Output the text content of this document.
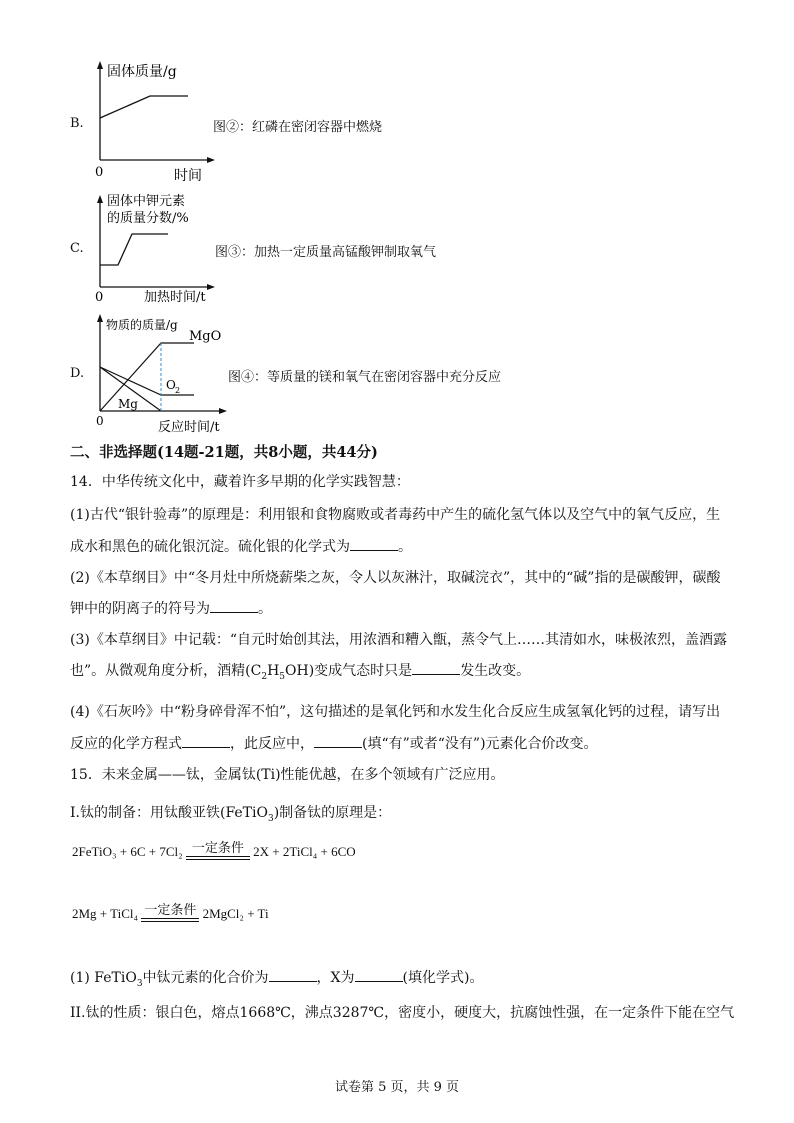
B.
固体质量/g
0	时间
图②：红磷在密闭容器中燃烧
C.
固体中钾元素
的质量分数/%
0	加热时间/t
图③：加热一定质量高锰酸钾制取氧气
D.
物质的质量/g
MgO
O 2
Mg
0	反应时间/t
图④：等质量的镁和氧气在密闭容器中充分反应
二、非选择题(14题-21题，共8小题，共44分)
14．中华传统文化中，藏着许多早期的化学实践智慧：
(1)古代“银针验毒”的原理是：利用银和食物腐败或者毒药中产生的硫化氢气体以及空气中的氧气反应，生
成水和黑色的硫化银沉淀。硫化银的化学式为	。
(2)《本草纲目》中“冬月灶中所烧薪柴之灰，令人以灰淋汁，取碱浣衣”，其中的“碱”指的是碳酸钾，碳酸
钾中的阴离子的符号为	。
(3)《本草纲目》中记载：“自元时始创其法，用浓酒和糟入甑，蒸令气上……其清如水，味极浓烈，盖酒露
也”。从微观角度分析，酒精$(C_2H_5OH)$变成气态时只是	发生改变。
(4)《石灰吟》中“粉身碎骨浑不怕”，这句描述的是氧化钙和水发生化合反应生成氢氧化钙的过程，请写出
反应的化学方程式	，此反应中，	(填“有”或者“没有”)元素化合价改变。
15．未来金属——钛，金属钛(Ti)性能优越，在多个领域有广泛应用。
I.钛的制备：用钛酸亚铁(FeTiO$_3$)制备钛的原理是：
2FeTiO₃ + 6C + 7Cl₂ 一定条件 2X + 2TiCl₄ + 6CO
2Mg + TiCl₄ 一定条件 2MgCl₂ + Ti
(1) FeTiO$_3$中钛元素的化合价为	，X为	(填化学式)。
II.钛的性质：银白色，熔点1668℃，沸点3287℃，密度小，硬度大，抗腐蚀性强，在一定条件下能在空气
试卷第 5 页，共 9 页
